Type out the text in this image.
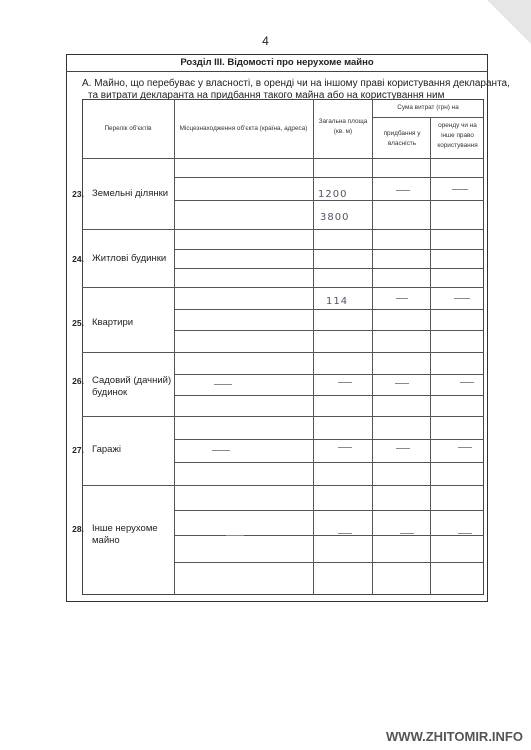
4
Розділ ІІІ. Відомості про нерухоме майно
А. Майно, що перебуває у власності, в оренді чи на іншому праві користування декларанта,
та витрати декларанта на придбання такого майна або на користування ним
Перелік об'єктів	Місцезнаходження об'єкта (країна, адреса)
Загальна площа (кв. м)
Сума витрат (грн) на
придбання у власність
оренду чи на інше право користування
23. Земельні ділянки
24. Житлові будинки
25. Квартири
26. Садовий (дачний) будинок
27. Гаражі
28. Інше нерухоме майно
1200
3800
114
WWW.ZHITOMIR.INFO
